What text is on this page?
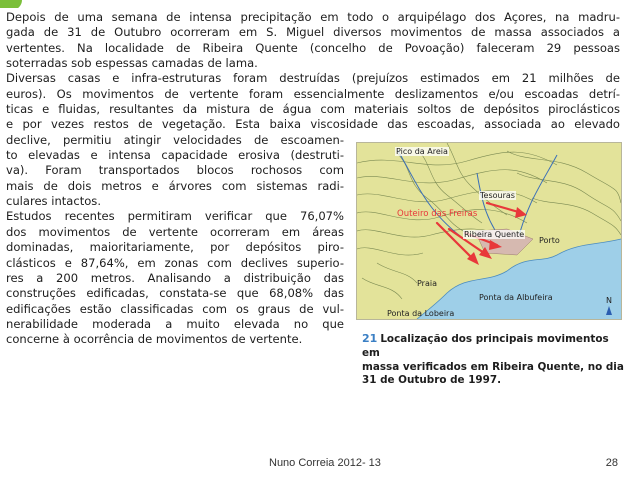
Depois de uma semana de intensa precipitação em todo o arquipélago dos Açores, na madru-
gada de 31 de Outubro ocorreram em S. Miguel diversos movimentos de massa associados a
vertentes. Na localidade de Ribeira Quente (concelho de Povoação) faleceram 29 pessoas
soterradas sob espessas camadas de lama.

Diversas casas e infra-estruturas foram destruídas (prejuízos estimados em 21 milhões de
euros). Os movimentos de vertente foram essencialmente deslizamentos e/ou escoadas detrí-
ticas e fluidas, resultantes da mistura de água com materiais soltos de depósitos piroclásticos
e por vezes restos de vegetação. Esta baixa viscosidade das escoadas, associada ao elevado

declive, permitiu atingir velocidades de escoamen-
to elevadas e intensa capacidade erosiva (destruti-
va). Foram transportados blocos rochosos com
mais de dois metros e árvores com sistemas radi-
culares intactos.

Estudos recentes permitiram verificar que 76,07%
dos movimentos de vertente ocorreram em áreas
dominadas, maioritariamente, por depósitos piro-
clásticos e 87,64%, em zonas com declives superio-
res a 200 metros. Analisando a distribuição das
construções edificadas, constata-se que 68,08% das
edificações estão classificadas com os graus de vul-
nerabilidade moderada a muito elevada no que
concerne à ocorrência de movimentos de vertente.

Pico da Areia
Tesouras
Outeiro das Freiras
Ribeira Quente
Porto
Praia
Ponta da Albufeira
Ponta da Lobeira
N
21 Localização dos principais movimentos em
massa verificados em Ribeira Quente, no dia
31 de Outubro de 1997.
Nuno Correia 2012- 13	28
